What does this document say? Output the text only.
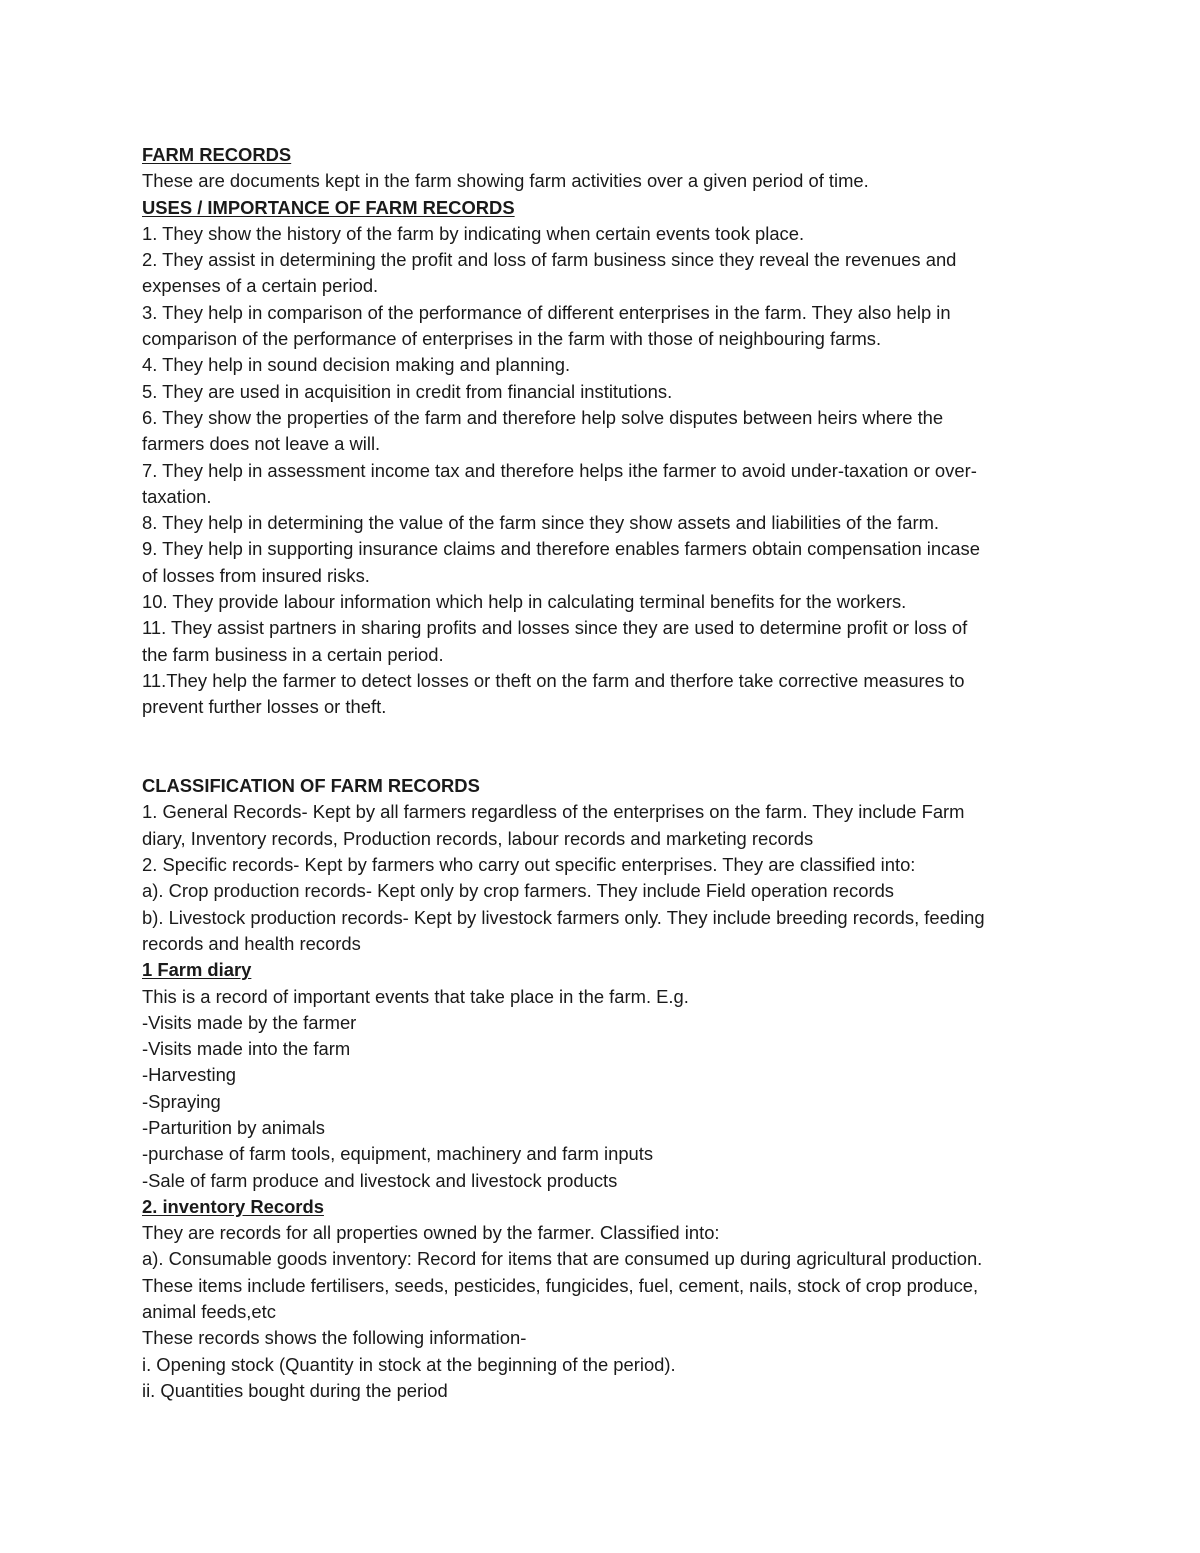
FARM RECORDS
These are documents kept in the farm showing farm activities over a given period of time.
USES / IMPORTANCE OF FARM RECORDS
1. They show the history of the farm by indicating when certain events took place.
2. They assist in determining the profit and loss of farm business since they reveal the revenues and
expenses of a certain period.
3. They help in comparison of the performance of different enterprises in the farm. They also help in
comparison of the performance of enterprises in the farm with those of neighbouring farms.
4. They help in sound decision making and planning.
5. They are used in acquisition in credit from financial institutions.
6. They show the properties of the farm and therefore help solve disputes between heirs where the
farmers does not leave a will.
7. They help in assessment income tax and therefore helps ithe farmer to avoid under-taxation or over-
taxation.
8. They help in determining the value of the farm since they show assets and liabilities of the farm.
9. They help in supporting insurance claims and therefore enables farmers obtain compensation incase
of losses from insured risks.
10. They provide labour information which help in calculating terminal benefits for the workers.
11. They assist partners in sharing profits and losses since they are used to determine profit or loss of
the farm business in a certain period.
11.They help the farmer to detect losses or theft on the farm and therfore take corrective measures to
prevent further losses or theft.
CLASSIFICATION OF FARM RECORDS
1. General Records- Kept by all farmers regardless of the enterprises on the farm. They include Farm
diary, Inventory records, Production records, labour records and marketing records
2. Specific records- Kept by farmers who carry out specific enterprises. They are classified into:
a). Crop production records- Kept only by crop farmers. They include Field operation records
b). Livestock production records- Kept by livestock farmers only. They include breeding records, feeding
records and health records
1 Farm diary
This is a record of important events that take place in the farm. E.g.
-Visits made by the farmer
-Visits made into the farm
-Harvesting
-Spraying
-Parturition by animals
-purchase of farm tools, equipment, machinery and farm inputs
-Sale of farm produce and livestock and livestock products
2. inventory Records
They are records for all properties owned by the farmer. Classified into:
a). Consumable goods inventory: Record for items that are consumed up during agricultural production.
These items include fertilisers, seeds, pesticides, fungicides, fuel, cement, nails, stock of crop produce,
animal feeds,etc
These records shows the following information-
i. Opening stock (Quantity in stock at the beginning of the period).
ii. Quantities bought during the period
